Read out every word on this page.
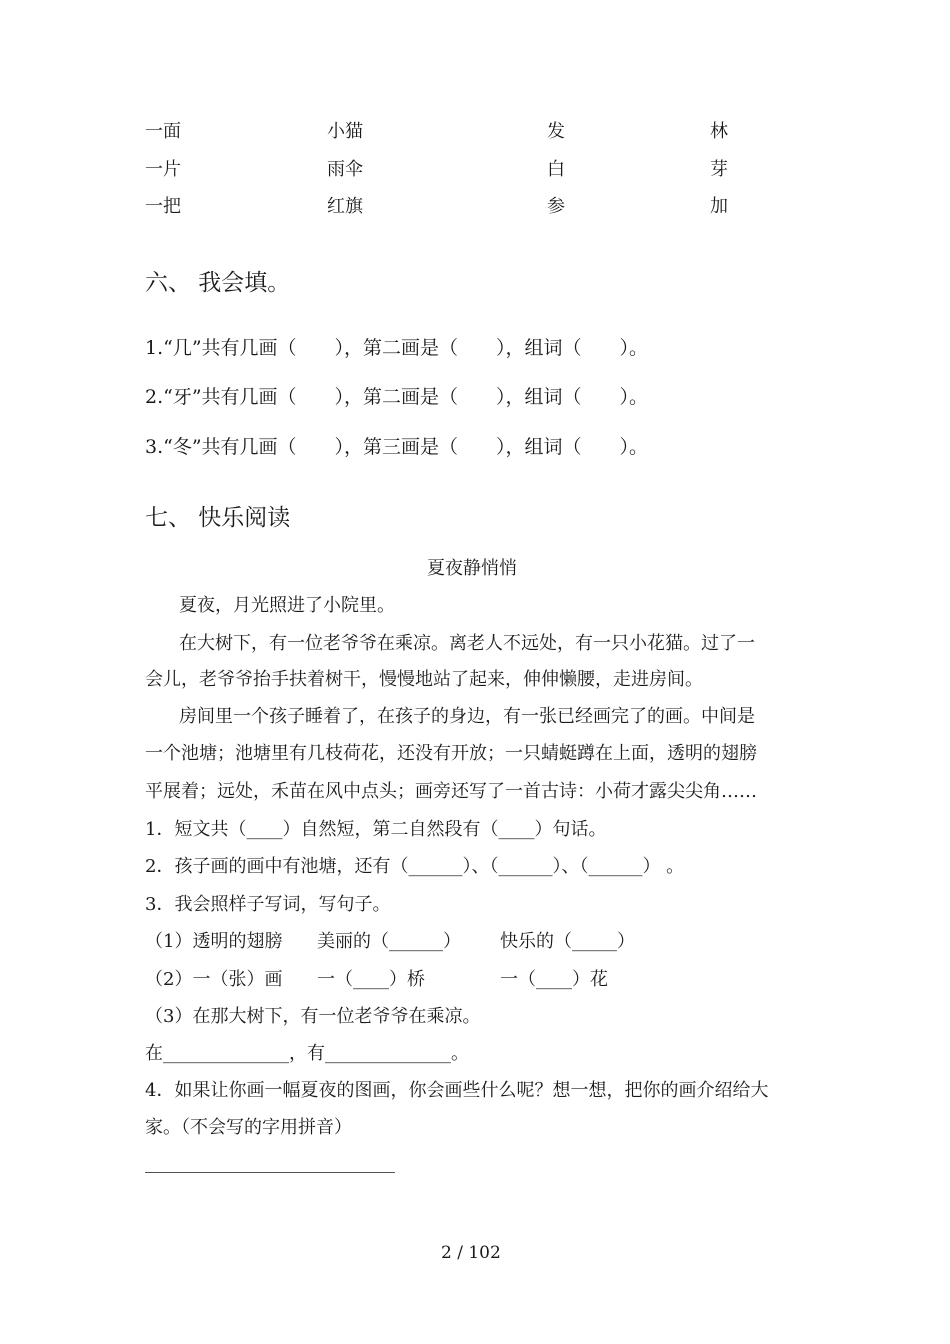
一面	小猫	发	林
一片	雨伞	白	芽
一把	红旗	参	加
六、 我会填。
1.“几”共有几画（　　），第二画是（　　），组词（　　）。
2.“牙”共有几画（　　），第二画是（　　），组词（　　）。
3.“冬”共有几画（　　），第三画是（　　），组词（　　）。
七、 快乐阅读
夏夜静悄悄
夏夜，月光照进了小院里。
在大树下，有一位老爷爷在乘凉。离老人不远处，有一只小花猫。过了一
会儿，老爷爷抬手扶着树干，慢慢地站了起来，伸伸懒腰，走进房间。
房间里一个孩子睡着了，在孩子的身边，有一张已经画完了的画。中间是
一个池塘；池塘里有几枝荷花，还没有开放；一只蜻蜓蹲在上面，透明的翅膀
平展着；远处，禾苗在风中点头；画旁还写了一首古诗：小荷才露尖尖角……
1．短文共（____）自然短，第二自然段有（____）句话。
2．孩子画的画中有池塘，还有（______）、（______）、（______） 。
3．我会照样子写词，写句子。
（1）透明的翅膀 美丽的（______） 快乐的（_____）
（2）一（张）画 一（____）桥	一（____）花
（3）在那大树下，有一位老爷爷在乘凉。
在______________，有______________。
4．如果让你画一幅夏夜的图画，你会画些什么呢？想一想，把你的画介绍给大
家。（不会写的字用拼音）
2 / 102
